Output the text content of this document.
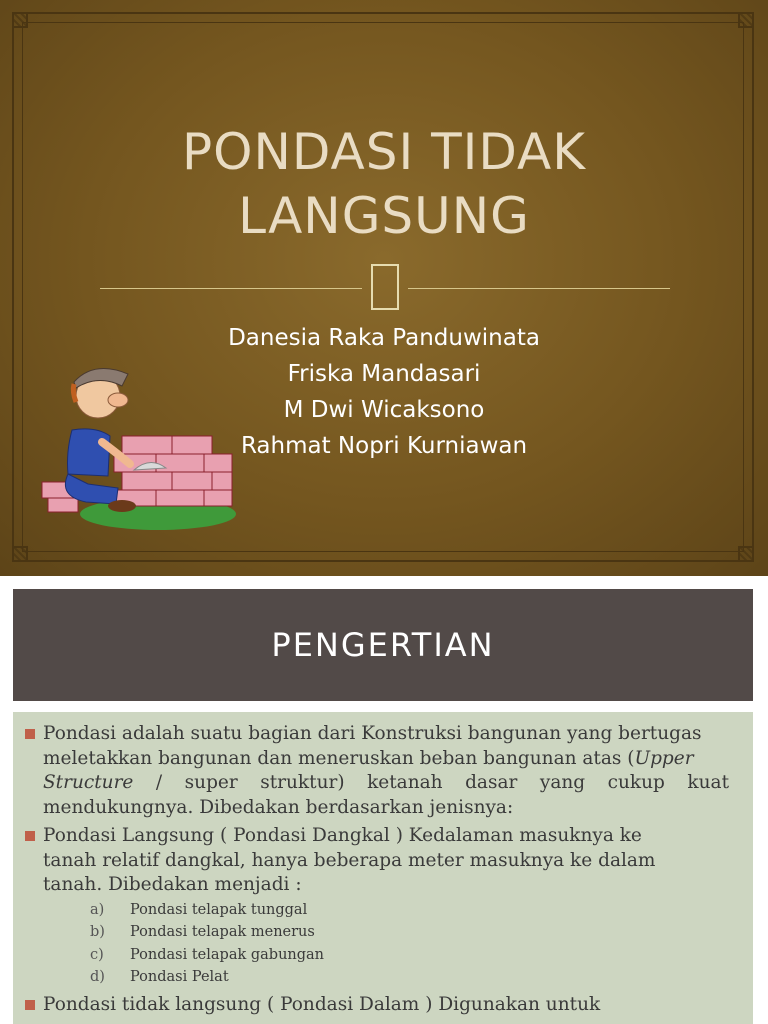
PONDASI TIDAK
LANGSUNG
Danesia Raka Panduwinata
Friska Mandasari
M Dwi Wicaksono
Rahmat Nopri Kurniawan
PENGERTIAN
Pondasi adalah suatu bagian dari Konstruksi bangunan yang bertugas
meletakkan bangunan dan meneruskan beban bangunan atas (Upper
Structure / super struktur) ketanah dasar yang cukup kuat
mendukungnya. Dibedakan berdasarkan jenisnya:
Pondasi Langsung ( Pondasi Dangkal ) Kedalaman masuknya ke
tanah relatif dangkal, hanya beberapa meter masuknya ke dalam
tanah. Dibedakan menjadi :
a)	Pondasi telapak tunggal
b)	Pondasi telapak menerus
c)	Pondasi telapak gabungan
d)	Pondasi Pelat
Pondasi tidak langsung ( Pondasi Dalam ) Digunakan untuk
